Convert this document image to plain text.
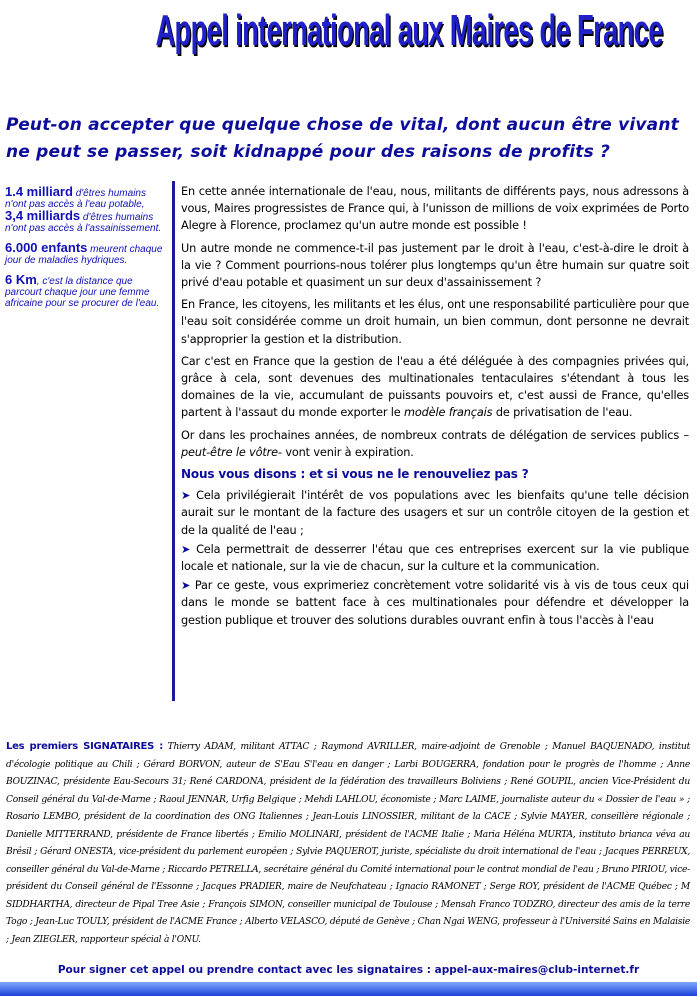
Appel international aux Maires de France
Peut-on accepter que quelque chose de vital, dont aucun être vivant ne peut se passer, soit kidnappé pour des raisons de profits ?
1.4 milliard d'êtres humains n'ont pas accès à l'eau potable,
3,4 milliards d'êtres humains n'ont pas accès à l'assainissement.
6.000 enfants meurent chaque jour de maladies hydriques.
6 Km, c'est la distance que parcourt chaque jour une femme africaine pour se procurer de l'eau.

En cette année internationale de l'eau, nous, militants de différents pays, nous adressons à vous, Maires progressistes de France qui, à l'unisson de millions de voix exprimées de Porto Alegre à Florence, proclamez qu'un autre monde est possible !

Un autre monde ne commence-t-il pas justement par le droit à l'eau, c'est-à-dire le droit à la vie ? Comment pourrions-nous tolérer plus longtemps qu'un être humain sur quatre soit privé d'eau potable et quasiment un sur deux d'assainissement ?

En France, les citoyens, les militants et les élus, ont une responsabilité particulière pour que l'eau soit considérée comme un droit humain, un bien commun, dont personne ne devrait s'approprier la gestion et la distribution.

Car c'est en France que la gestion de l'eau a été déléguée à des compagnies privées qui, grâce à cela, sont devenues des multinationales tentaculaires s'étendant à tous les domaines de la vie, accumulant de puissants pouvoirs et, c'est aussi de France, qu'elles partent à l'assaut du monde exporter le modèle français de privatisation de l'eau.

Or dans les prochaines années, de nombreux contrats de délégation de services publics –peut-être le vôtre- vont venir à expiration.

Nous vous disons : et si vous ne le renouveliez pas ?

➤ Cela privilégierait l'intérêt de vos populations avec les bienfaits qu'une telle décision aurait sur le montant de la facture des usagers et sur un contrôle citoyen de la gestion et de la qualité de l'eau ;

➤ Cela permettrait de desserrer l'étau que ces entreprises exercent sur la vie publique locale et nationale, sur la vie de chacun, sur la culture et la communication.

➤ Par ce geste, vous exprimeriez concrètement votre solidarité vis à vis de tous ceux qui dans le monde se battent face à ces multinationales pour défendre et développer la gestion publique et trouver des solutions durables ouvrant enfin à tous l'accès à l'eau

Les premiers SIGNATAIRES : Thierry ADAM, militant ATTAC ; Raymond AVRILLER, maire-adjoint de Grenoble ; Manuel BAQUENADO, institut d'écologie politique au Chili ; Gérard BORVON, auteur de S'Eau S'l'eau en danger ; Larbi BOUGERRA, fondation pour le progrès de l'homme ; Anne BOUZINAC, présidente Eau-Secours 31; René CARDONA, président de la fédération des travailleurs Boliviens ; René GOUPIL, ancien Vice-Président du Conseil général du Val-de-Marne ; Raoul JENNAR, Urfig Belgique ; Mehdi LAHLOU, économiste ; Marc LAIME, journaliste auteur du « Dossier de l'eau » ; Rosario LEMBO, président de la coordination des ONG Italiennes ; Jean-Louis LINOSSIER, militant de la CACE ; Sylvie MAYER, conseillère régionale ; Danielle MITTERRAND, présidente de France libertés ; Emilio MOLINARI, président de l'ACME Italie ; Maria Héléna MURTA, instituto brianca véva au Brésil ; Gérard ONESTA, vice-président du parlement européen ; Sylvie PAQUEROT, juriste, spécialiste du droit international de l'eau ; Jacques PERREUX, conseiller général du Val-de-Marne ; Riccardo PETRELLA, secrétaire général du Comité international pour le contrat mondial de l'eau ; Bruno PIRIOU, vice-président du Conseil général de l'Essonne ; Jacques PRADIER, maire de Neufchateau ; Ignacio RAMONET ; Serge ROY, président de l'ACME Québec ; M SIDDHARTHA, directeur de Pipal Tree Asie ; François SIMON, conseiller municipal de Toulouse ; Mensah Franco TODZRO, directeur des amis de la terre Togo ; Jean-Luc TOULY, président de l'ACME France ; Alberto VELASCO, député de Genève ; Chan Ngai WENG, professeur à l'Université Sains en Malaisie ; Jean ZIEGLER, rapporteur spécial à l'ONU.
Pour signer cet appel ou prendre contact avec les signataires : appel-aux-maires@club-internet.fr
